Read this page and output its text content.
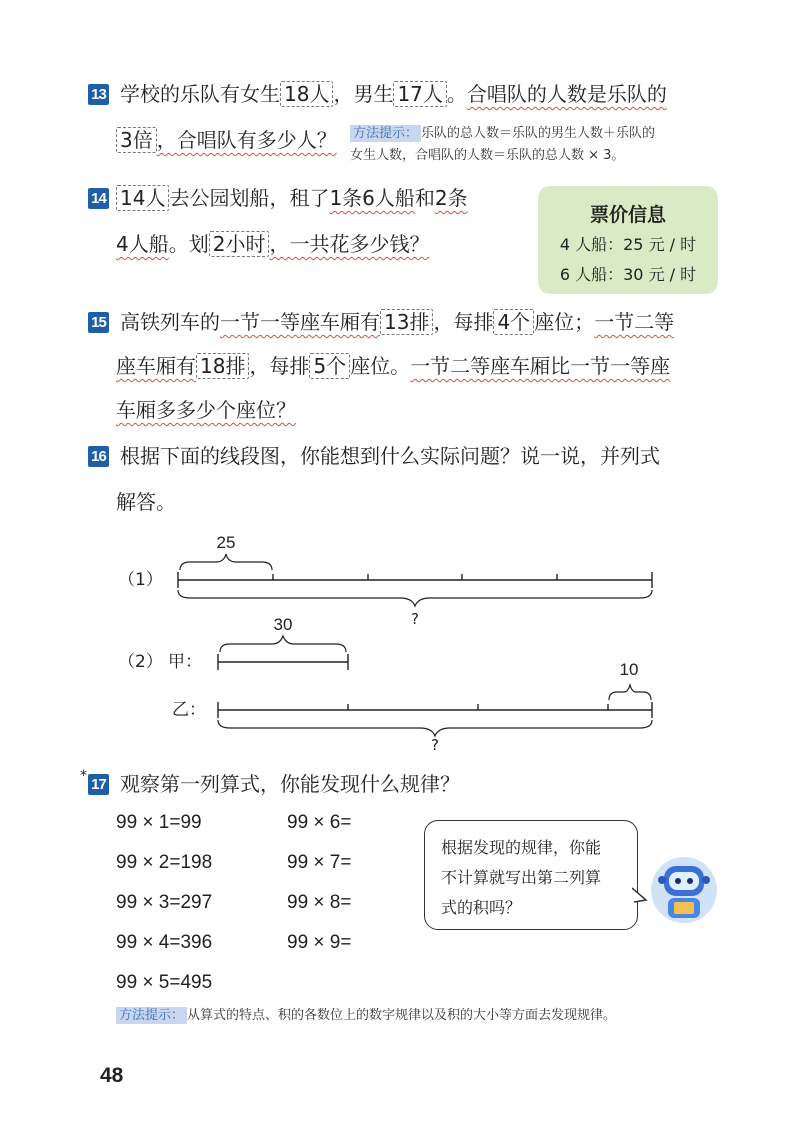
13 学校的乐队有女生 18人 ，男生 17人 。合唱队的人数是乐队的
3倍 ，合唱队有多少人？ 方法提示： 乐队的总人数＝乐队的男生人数＋乐队的
女生人数，合唱队的人数＝乐队的总人数 × 3。
14 14人 去公园划船，租了1条6人船和2条
4人船。划 2小时 ，一共花多少钱？
票价信息
4 人船：25 元 / 时
6 人船：30 元 / 时
15 高铁列车的一节一等座车厢有 13排 ，每排 4个 座位；一节二等
座车厢有 18排 ，每排 5个 座位。一节二等座车厢比一节一等座
车厢多多少个座位？
16 根据下面的线段图，你能想到什么实际问题？说一说，并列式
解答。
（1）
25
?
（2） 甲：
30
乙：
10
?
* 17 观察第一列算式，你能发现什么规律？
99 × 1=99
99 × 2=198
99 × 3=297
99 × 4=396
99 × 5=495
99 × 6=
99 × 7=
99 × 8=
99 × 9=
根据发现的规律，你能
不计算就写出第二列算
式的积吗？
方法提示： 从算式的特点、积的各数位上的数字规律以及积的大小等方面去发现规律。
48
